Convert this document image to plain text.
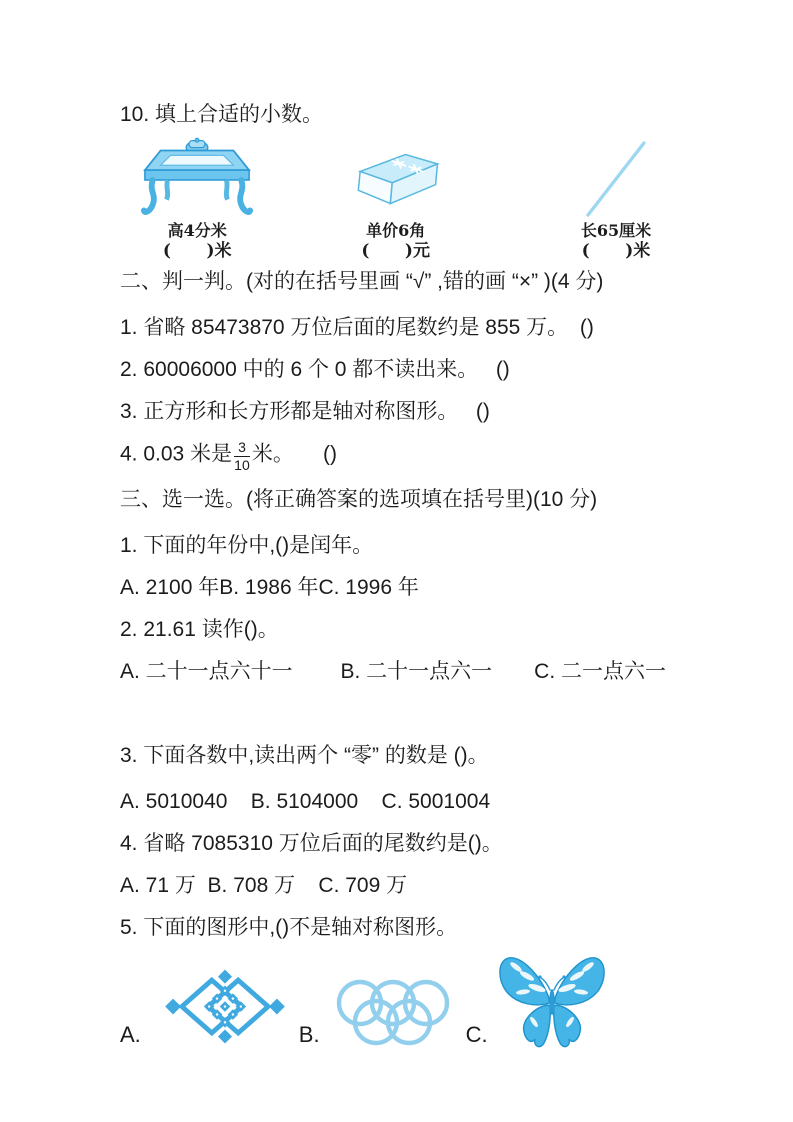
10. 填上合适的小数。
高4分米
(      )米
单价6角
(      )元
长65厘米
(      )米
二、判一判。(对的在括号里画 “√” ,错的画 “×” )(4 分)
1. 省略 85473870 万位后面的尾数约是 855 万。  ()
2. 60006000 中的 6 个 0 都不读出来。   ()
3. 正方形和长方形都是轴对称图形。   ()
4. 0.03 米是 $\frac{3}{10}$ 米。     ()
三、选一选。(将正确答案的选项填在括号里)(10 分)
1. 下面的年份中,()是闰年。
A. 2100 年B. 1986 年C. 1996 年
2. 21.61 读作()。
A. 二十一点六十一　　 B. 二十一点六一　　C. 二一点六一
3. 下面各数中,读出两个 “零” 的数是 ()。
A. 5010040    B. 5104000    C. 5001004
4. 省略 7085310 万位后面的尾数约是()。
A. 71 万  B. 708 万    C. 709 万
5. 下面的图形中,()不是轴对称图形。
A.	B.	C.
